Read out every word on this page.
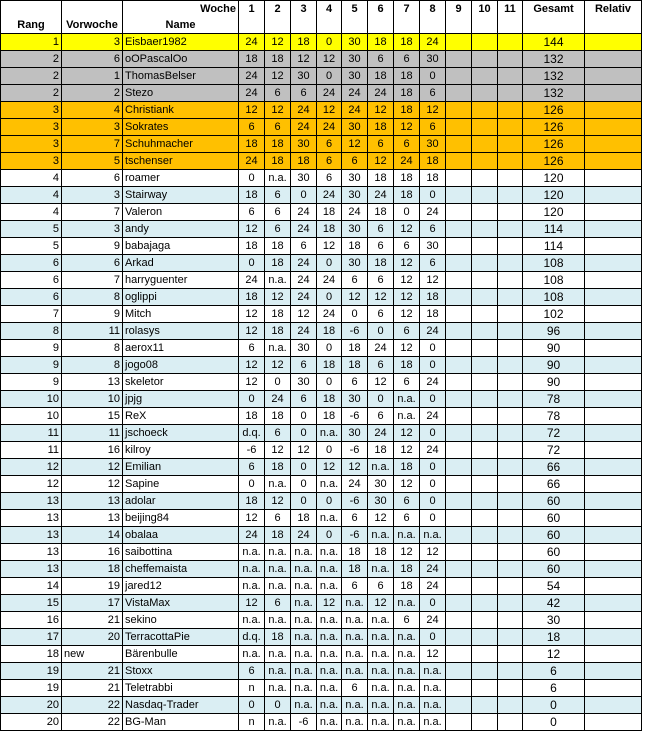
		Woche	1	2	3	4	5	6	7	8	9	10	11	Gesamt	Relativ
Rang	Vorwoche	Name													
1	3	Eisbaer1982	24	12	18	0	30	18	18	24				144	
2	6	oOPascalOo	18	18	12	12	30	6	6	30				132	
2	1	ThomasBelser	24	12	30	0	30	18	18	0				132	
2	2	Stezo	24	6	6	24	24	24	18	6				132	
3	4	Christiank	12	12	24	12	24	12	18	12				126	
3	3	Sokrates	6	6	24	24	30	18	12	6				126	
3	7	Schuhmacher	18	18	30	6	12	6	6	30				126	
3	5	tschenser	24	18	18	6	6	12	24	18				126	
4	6	roamer	0	n.a.	30	6	30	18	18	18				120	
4	3	Stairway	18	6	0	24	30	24	18	0				120	
4	7	Valeron	6	6	24	18	24	18	0	24				120	
5	3	andy	12	6	24	18	30	6	12	6				114	
5	9	babajaga	18	18	6	12	18	6	6	30				114	
6	6	Arkad	0	18	24	0	30	18	12	6				108	
6	7	harryguenter	24	n.a.	24	24	6	6	12	12				108	
6	8	oglippi	18	12	24	0	12	12	12	18				108	
7	9	Mitch	12	18	12	24	0	6	12	18				102	
8	11	rolasys	12	18	24	18	-6	0	6	24				96	
9	8	aerox11	6	n.a.	30	0	18	24	12	0				90	
9	8	jogo08	12	12	6	18	18	6	18	0				90	
9	13	skeletor	12	0	30	0	6	12	6	24				90	
10	10	jpjg	0	24	6	18	30	0	n.a.	0				78	
10	15	ReX	18	18	0	18	-6	6	n.a.	24				78	
11	11	jschoeck	d.q.	6	0	n.a.	30	24	12	0				72	
11	16	kilroy	-6	12	12	0	-6	18	12	24				72	
12	12	Emilian	6	18	0	12	12	n.a.	18	0				66	
12	12	Sapine	0	n.a.	0	n.a.	24	30	12	0				66	
13	13	adolar	18	12	0	0	-6	30	6	0				60	
13	13	beijing84	12	6	18	n.a.	6	12	6	0				60	
13	14	obalaa	24	18	24	0	-6	n.a.	n.a.	n.a.				60	
13	16	saibottina	n.a.	n.a.	n.a.	n.a.	18	18	12	12				60	
13	18	cheffemaista	n.a.	n.a.	n.a.	n.a.	18	n.a.	18	24				60	
14	19	jared12	n.a.	n.a.	n.a.	n.a.	6	6	18	24				54	
15	17	VistaMax	12	6	n.a.	12	n.a.	12	n.a.	0				42	
16	21	sekino	n.a.	n.a.	n.a.	n.a.	n.a.	n.a.	6	24				30	
17	20	TerracottaPie	d.q.	18	n.a.	n.a.	n.a.	n.a.	n.a.	0				18	
18	new	Bärenbulle	n.a.	n.a.	n.a.	n.a.	n.a.	n.a.	n.a.	12				12	
19	21	Stoxx	6	n.a.	n.a.	n.a.	n.a.	n.a.	n.a.	n.a.				6	
19	21	Teletrabbi	n	n.a.	n.a.	n.a.	6	n.a.	n.a.	n.a.				6	
20	22	Nasdaq-Trader	0	0	n.a.	n.a.	n.a.	n.a.	n.a.	n.a.				0	
20	22	BG-Man	n	n.a.	-6	n.a.	n.a.	n.a.	n.a.	n.a.				0	
